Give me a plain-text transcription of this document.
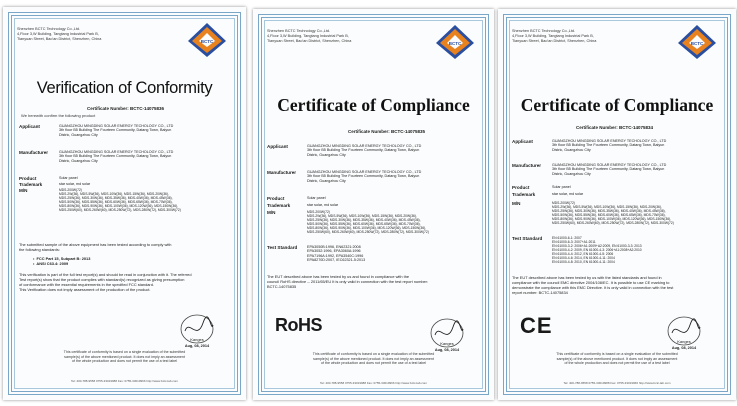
Shenzhen BCTC Technology Co.,Ltd.
4,Floor 3,W Building, Tangtang Industrial Park B,
Tianyuan Street, Bao'an District, Shenzhen, China	BCTC
Verification of Conformity
Certificate Number: BCTC-14075836
We herewith confirm the following product
Applicant	GUANGZHOU MINGDING SOLAR ENERGY TECHOLOGY CO., LTD
3th floor B5 Building The Fourteen Community, Datang Town, Baiyun
Distric, Guangzhou City
Manufacturer	GUANGZHOU MINGDING SOLAR ENERGY TECHOLOGY CO., LTD
3th floor B5 Building The Fourteen Community, Datang Town, Baiyun
Distric, Guangzhou City
Product	Solar panel
Trademark	star solar, md solar
M/N	MDS-200W(72)
MDS-2W(36), MDS-5W(36), MDS-10W(36), MDS-15W(36), MDS-20W(36),
MDS-25W(36), MDS-30W(36), MDS-35W(36), MDS-40W(36), MDS-45W(36),
MDS-50W(36), MDS-55W(36), MDS-60W(36), MDS-65W(36), MDS-70W(36),
MDS-80W(36), MDS-90W(36), MDS-100W(36), MDS-120W(36), MDS-150W(36),
MDS-250W(60), MDS-260W(60), MDS-250W(72), MDS-280W(72), MDS-300W(72)
The submitted sample of the above equipment has been tested according to comply with
the following standards:
•  FCC Part 15, Subpart B: 2013
•  ANSI C63.4: 2009
This verification is part of the full test report(s) and should be read in conjunction with it. The referred
Test report(s) show that the product complies with standard(s) recognized as giving presumption
of conformance with the essential requirements in the specified FCC standard.
This Verification does not imply assessment of the production of the product.
Kanges
Aug, 08, 2014
This certificate of conformity is based on a single evaluation of the submitted
sample(s) of the above mentioned product. It does not imply an assessment
of the whole production and does not permit the use of a test label
Tel: 400-788-9558 0755-33019988 Fax: 0755-33019966 http://www.bctc-lab.com
Shenzhen BCTC Technology Co.,Ltd.
4,Floor 3,W Building, Tangtang Industrial Park B,
Tianyuan Street, Bao'an District, Shenzhen, China	BCTC
Certificate of Compliance
Certificate Number: BCTC-14075835
Applicant	GUANGZHOU MINGDING SOLAR ENERGY TECHOLOGY CO., LTD
3th floor B5 Building The Fourteen Community, Datang Town, Baiyun
Distric, Guangzhou City
Manufacturer	GUANGZHOU MINGDING SOLAR ENERGY TECHOLOGY CO., LTD
3th floor B5 Building The Fourteen Community, Datang Town, Baiyun
Distric, Guangzhou City
Product	Solar panel
Trademark	star solar, md solar
M/N	MDS-200W(72)
MDS-2W(36), MDS-5W(36), MDS-10W(36), MDS-15W(36), MDS-20W(36),
MDS-25W(36), MDS-30W(36), MDS-35W(36), MDS-40W(36), MDS-45W(36),
MDS-50W(36), MDS-55W(36), MDS-60W(36), MDS-65W(36), MDS-70W(36),
MDS-80W(36), MDS-90W(36), MDS-100W(36), MDS-120W(36), MDS-150W(36),
MDS-250W(60), MDS-260W(60), MDS-250W(72), MDS-280W(72), MDS-300W(72)
Test Standard	EPA3050B:1996, EN62321:2008
EPA3052:1996, EPA3060A:1996
EPA7196A:1992, EPA3540C:1996
EPA8270D:2007, IEC62321-5:2013
The EUT described above has been tested by us and found in compliance with the
council RoHS directive -- 2011/65/EU It is only valid in connection with the test report number:
BCTC-14075835
RoHS
Kanges
Aug, 08, 2014
This certificate of conformity is based on a single evaluation of the submitted
sample(s) of the above mentioned product. It does not imply an assessment
of the whole production and does not permit the use of a test label
Tel: 400-788-9558 0755-33019988 Fax: 0755-33019966 http://www.bctc-lab.com
Shenzhen BCTC Technology Co.,Ltd.
4,Floor 3,W Building, Tangtang Industrial Park B,
Tianyuan Street, Bao'an District, Shenzhen, China	BCTC
Certificate of Compliance
Certificate Number: BCTC-14075834
Applicant	GUANGZHOU MINGDING SOLAR ENERGY TECHOLOGY CO., LTD
3th floor B5 Building The Fourteen Community, Datang Town, Baiyun
Distric, Guangzhou City
Manufacturer	GUANGZHOU MINGDING SOLAR ENERGY TECHOLOGY CO., LTD
3th floor B5 Building The Fourteen Community, Datang Town, Baiyun
Distric, Guangzhou City
Product	Solar panel
Trademark	star solar, md solar
M/N	MDS-200W(72)
MDS-2W(36), MDS-5W(36), MDS-10W(36), MDS-15W(36), MDS-20W(36),
MDS-25W(36), MDS-30W(36), MDS-35W(36), MDS-40W(36), MDS-45W(36),
MDS-50W(36), MDS-55W(36), MDS-60W(36), MDS-65W(36), MDS-70W(36),
MDS-80W(36), MDS-90W(36), MDS-100W(36), MDS-120W(36), MDS-150W(36),
MDS-250W(60), MDS-260W(60), MDS-250W(72), MDS-280W(72), MDS-300W(72)
Test Standard	EN 61000-6-1: 2007
EN 61000-6-3: 2007+A1:2011
EN 61000-3-2: 2006+A1:2009+A2:2009, EN 61000-3-3: 2013
EN 61000-4-2: 2009, EN 61000-4-3: 2006+A1:2008+A2:2010
EN 61000-4-4: 2012, EN 61000-4-5: 2006
EN 61000-4-6: 2014, EN 61000-4-11: 2004
EN 61000-4-8: 2010, EN 61000-4-11: 2004
The EUT described above has been tested by us with the listed standards and found in
compliance with the council EMC directive 2004/108/EC. It is possible to use CE marking to
demonstrate the compliance with this EMC Directive. It is only valid in connection with the test
report number: BCTC-14075834
CE
Kanges
Aug, 08, 2014
This certificate of conformity is based on a single evaluation of the submitted
sample(s) of the above mentioned product. It does not imply an assessment
of the whole production and does not permit the use of a test label
Tel: 400-788-9558 0755-33019988 Fax: 0755-33019966 http://www.bctc-lab.com
